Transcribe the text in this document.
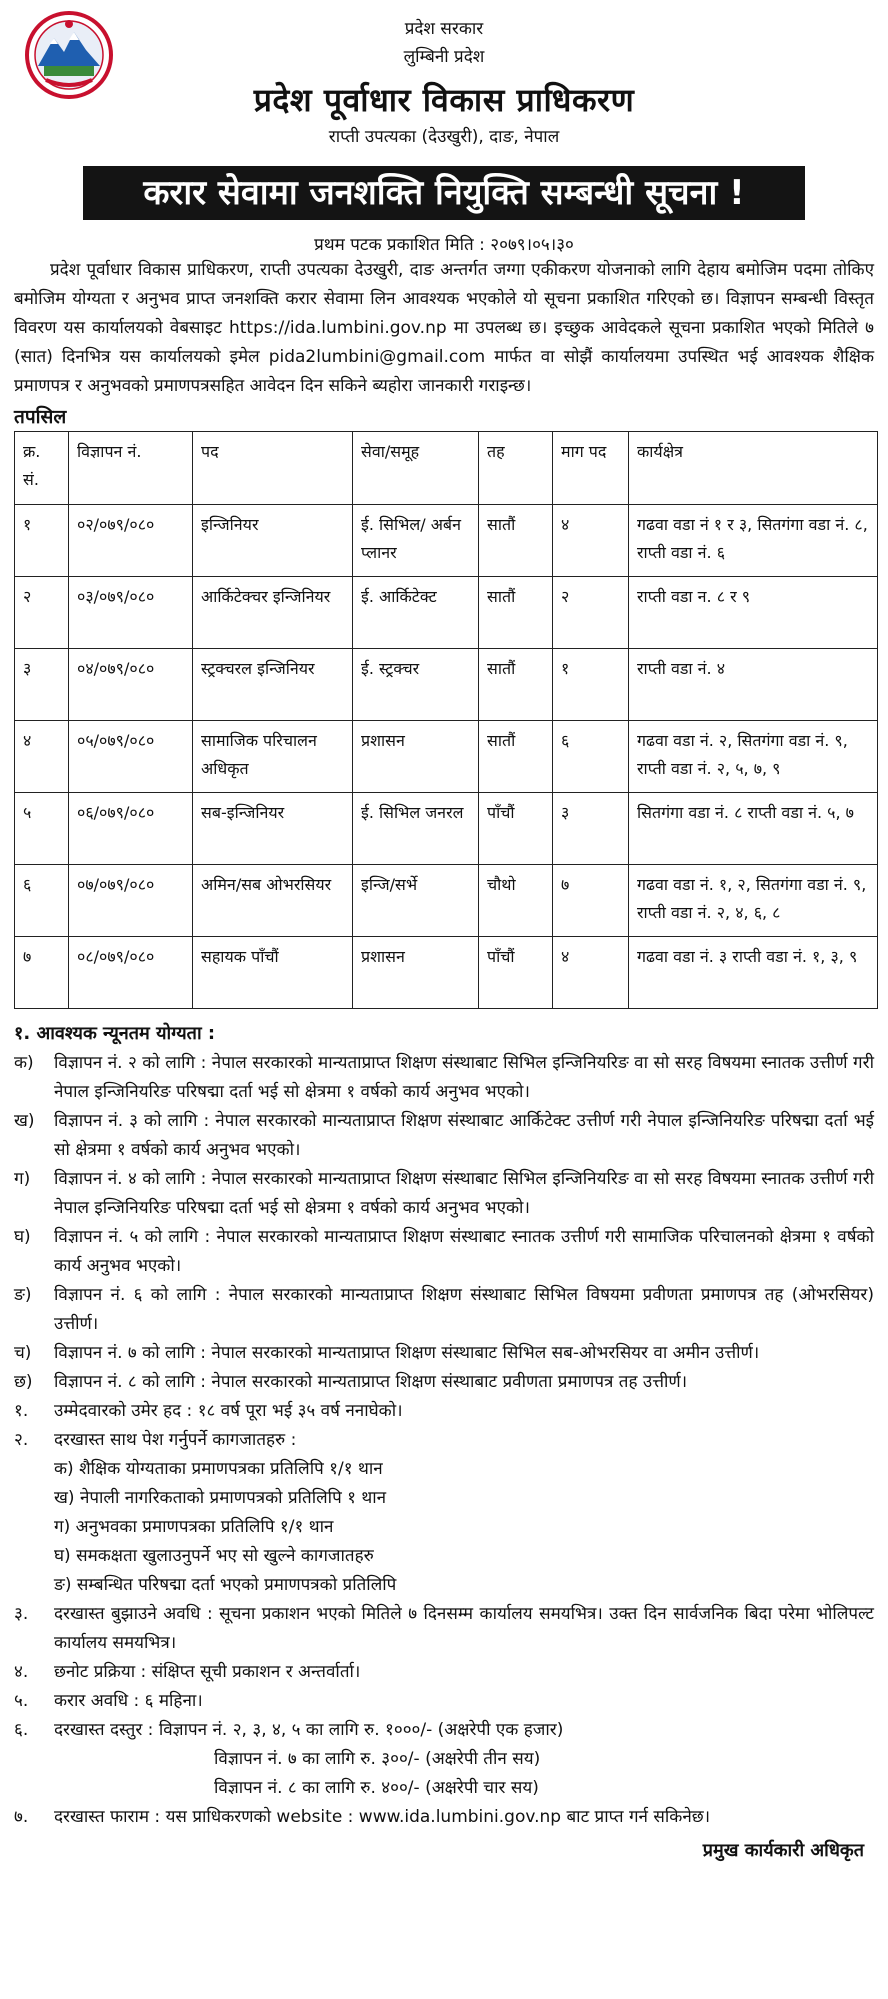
प्रदेश सरकार
लुम्बिनी प्रदेश
प्रदेश पूर्वाधार विकास प्राधिकरण
राप्ती उपत्यका (देउखुरी), दाङ, नेपाल
करार सेवामा जनशक्ति नियुक्ति सम्बन्धी सूचना !
प्रथम पटक प्रकाशित मिति : २०७९।०५।३०

प्रदेश पूर्वाधार विकास प्राधिकरण, राप्ती उपत्यका देउखुरी, दाङ अन्तर्गत जग्गा एकीकरण योजनाको लागि देहाय बमोजिम पदमा तोकिए बमोजिम योग्यता र अनुभव प्राप्त जनशक्ति करार सेवामा लिन आवश्यक भएकोले यो सूचना प्रकाशित गरिएको छ। विज्ञापन सम्बन्धी विस्तृत विवरण यस कार्यालयको वेबसाइट https://ida.lumbini.gov.np मा उपलब्ध छ। इच्छुक आवेदकले सूचना प्रकाशित भएको मितिले ७ (सात) दिनभित्र यस कार्यालयको इमेल pida2lumbini@gmail.com मार्फत वा सोझैं कार्यालयमा उपस्थित भई आवश्यक शैक्षिक प्रमाणपत्र र अनुभवको प्रमाणपत्रसहित आवेदन दिन सकिने ब्यहोरा जानकारी गराइन्छ।

तपसिल
क्र. सं.	विज्ञापन नं.	पद	सेवा/समूह	तह	माग पद	कार्यक्षेत्र
१	०२/०७९/०८०	इन्जिनियर	ई. सिभिल/ अर्बन प्लानर	सातौं	४	गढवा वडा नं १ र ३, सितगंगा वडा नं. ८, राप्ती वडा नं. ६
२	०३/०७९/०८०	आर्किटेक्चर इन्जिनियर	ई. आर्किटेक्ट	सातौं	२	राप्ती वडा न. ८ र ९
३	०४/०७९/०८०	स्ट्रक्चरल इन्जिनियर	ई. स्ट्रक्चर	सातौं	१	राप्ती वडा नं. ४
४	०५/०७९/०८०	सामाजिक परिचालन अधिकृत	प्रशासन	सातौं	६	गढवा वडा नं. २, सितगंगा वडा नं. ९, राप्ती वडा नं. २, ५, ७, ९
५	०६/०७९/०८०	सब-इन्जिनियर	ई. सिभिल जनरल	पाँचौं	३	सितगंगा वडा नं. ८ राप्ती वडा नं. ५, ७
६	०७/०७९/०८०	अमिन/सब ओभरसियर	इन्जि/सर्भे	चौथो	७	गढवा वडा नं. १, २, सितगंगा वडा नं. ९, राप्ती वडा नं. २, ४, ६, ८
७	०८/०७९/०८०	सहायक पाँचौं	प्रशासन	पाँचौं	४	गढवा वडा नं. ३ राप्ती वडा नं. १, ३, ९
१. आवश्यक न्यूनतम योग्यता :
क)	विज्ञापन नं. २ को लागि : नेपाल सरकारको मान्यताप्राप्त शिक्षण संस्थाबाट सिभिल इन्जिनियरिङ वा सो सरह विषयमा स्नातक उत्तीर्ण गरी नेपाल इन्जिनियरिङ परिषद्मा दर्ता भई सो क्षेत्रमा १ वर्षको कार्य अनुभव भएको।
ख)	विज्ञापन नं. ३ को लागि : नेपाल सरकारको मान्यताप्राप्त शिक्षण संस्थाबाट आर्किटेक्ट उत्तीर्ण गरी नेपाल इन्जिनियरिङ परिषद्मा दर्ता भई सो क्षेत्रमा १ वर्षको कार्य अनुभव भएको।
ग)	विज्ञापन नं. ४ को लागि : नेपाल सरकारको मान्यताप्राप्त शिक्षण संस्थाबाट सिभिल इन्जिनियरिङ वा सो सरह विषयमा स्नातक उत्तीर्ण गरी नेपाल इन्जिनियरिङ परिषद्मा दर्ता भई सो क्षेत्रमा १ वर्षको कार्य अनुभव भएको।
घ)	विज्ञापन नं. ५ को लागि : नेपाल सरकारको मान्यताप्राप्त शिक्षण संस्थाबाट स्नातक उत्तीर्ण गरी सामाजिक परिचालनको क्षेत्रमा १ वर्षको कार्य अनुभव भएको।
ङ)	विज्ञापन नं. ६ को लागि : नेपाल सरकारको मान्यताप्राप्त शिक्षण संस्थाबाट सिभिल विषयमा प्रवीणता प्रमाणपत्र तह (ओभरसियर) उत्तीर्ण।
च)	विज्ञापन नं. ७ को लागि : नेपाल सरकारको मान्यताप्राप्त शिक्षण संस्थाबाट सिभिल सब-ओभरसियर वा अमीन उत्तीर्ण।
छ)	विज्ञापन नं. ८ को लागि : नेपाल सरकारको मान्यताप्राप्त शिक्षण संस्थाबाट प्रवीणता प्रमाणपत्र तह उत्तीर्ण।
१.	उम्मेदवारको उमेर हद : १८ वर्ष पूरा भई ३५ वर्ष ननाघेको।
२.	दरखास्त साथ पेश गर्नुपर्ने कागजातहरु :
क) शैक्षिक योग्यताका प्रमाणपत्रका प्रतिलिपि १/१ थान
ख) नेपाली नागरिकताको प्रमाणपत्रको प्रतिलिपि १ थान
ग) अनुभवका प्रमाणपत्रका प्रतिलिपि १/१ थान
घ) समकक्षता खुलाउनुपर्ने भए सो खुल्ने कागजातहरु
ङ) सम्बन्धित परिषद्मा दर्ता भएको प्रमाणपत्रको प्रतिलिपि
३.	दरखास्त बुझाउने अवधि : सूचना प्रकाशन भएको मितिले ७ दिनसम्म कार्यालय समयभित्र। उक्त दिन सार्वजनिक बिदा परेमा भोलिपल्ट कार्यालय समयभित्र।
४.	छनोट प्रक्रिया : संक्षिप्त सूची प्रकाशन र अन्तर्वार्ता।
५.	करार अवधि : ६ महिना।
६.	दरखास्त दस्तुर : विज्ञापन नं. २, ३, ४, ५ का लागि रु. १०००/- (अक्षरेपी एक हजार)
विज्ञापन नं. ७ का लागि रु. ३००/- (अक्षरेपी तीन सय)
विज्ञापन नं. ८ का लागि रु. ४००/- (अक्षरेपी चार सय)
७.	दरखास्त फाराम : यस प्राधिकरणको website : www.ida.lumbini.gov.np बाट प्राप्त गर्न सकिनेछ।
प्रमुख कार्यकारी अधिकृत
